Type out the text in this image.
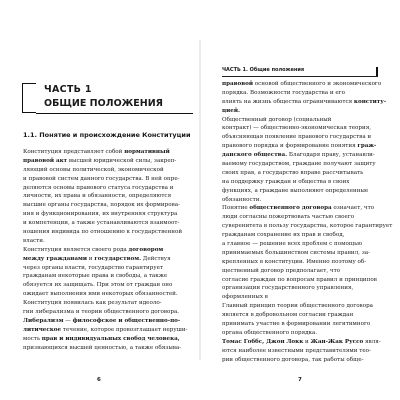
ЧАСТЬ 1
ОБЩИЕ ПОЛОЖЕНИЯ
1.1. Понятие и происхождение Конституции
Конституция представляет собой нормативный
правовой акт высшей юридической силы, закреп-
ляющий основы политической, экономической
и правовой систем данного государства. В ней опре-
деляются основы правового статуса государства и
личности, их права и обязанности, определяются
высшие органы государства, порядок их формирова-
ния и функционирования, их внутренняя структура
и компетенции, а также устанавливаются взаимоот-
ношения индивида по отношению к государственной
власти.
Конституция является своего рода договором
между гражданами и государством. Действуя
через органы власти, государство гарантирует
гражданам некоторые права и свободы, а также
обязуется их защищать. При этом от граждан оно
ожидает выполнения ими некоторых обязанностей.
Конституция появилась как результат идеоло-
гии либерализма и теории общественного договора.
Либерализм — философское и общественно-по-
литическое течение, которое провозглашает неруши-
мость прав и индивидуальных свобод человека,
признающихся высшей ценностью, а также обязыва-
6
правовой основой общественного и экономического
порядка. Возможности государства и его
влиять на жизнь общества ограничиваются конститу-
цией.
Общественный договор (социальный
контракт) — общественно-экономическая теория,
объясняющая появление правового государства и
правового порядка и формирование понятия граж-
данского общества. Благодаря праву, устанавли-
ваемому государством, граждане получают защиту
своих прав, а государство вправе рассчитывать
на поддержку граждан и общества в своих
функциях, а граждане выполняют определенные
обязанности.
Понятие общественного договора означает, что
люди согласны пожертвовать частью своего
суверенитета в пользу государства, которое гарантирует
гражданам сохранение их прав и свобод,
а главное — решение всех проблем с помощью
принимаемых большинством системы правил, за-
крепленных в конституции. Именно поэтому об-
щественный договор предполагает, что
согласие граждан по вопросам правил и принципов
организации государственного управления,
оформленных в
Главный принцип теории общественного договора
является в добровольном согласии граждан
принимать участие в формировании легитимного
органа общественного порядка.
Томас Гоббс, Джон Локк и Жан-Жак Руссо явля-
ются наиболее известными представителями тео-
рии общественного договора, так работы обще-
7
ЧАСТЬ 1. Общие положения
